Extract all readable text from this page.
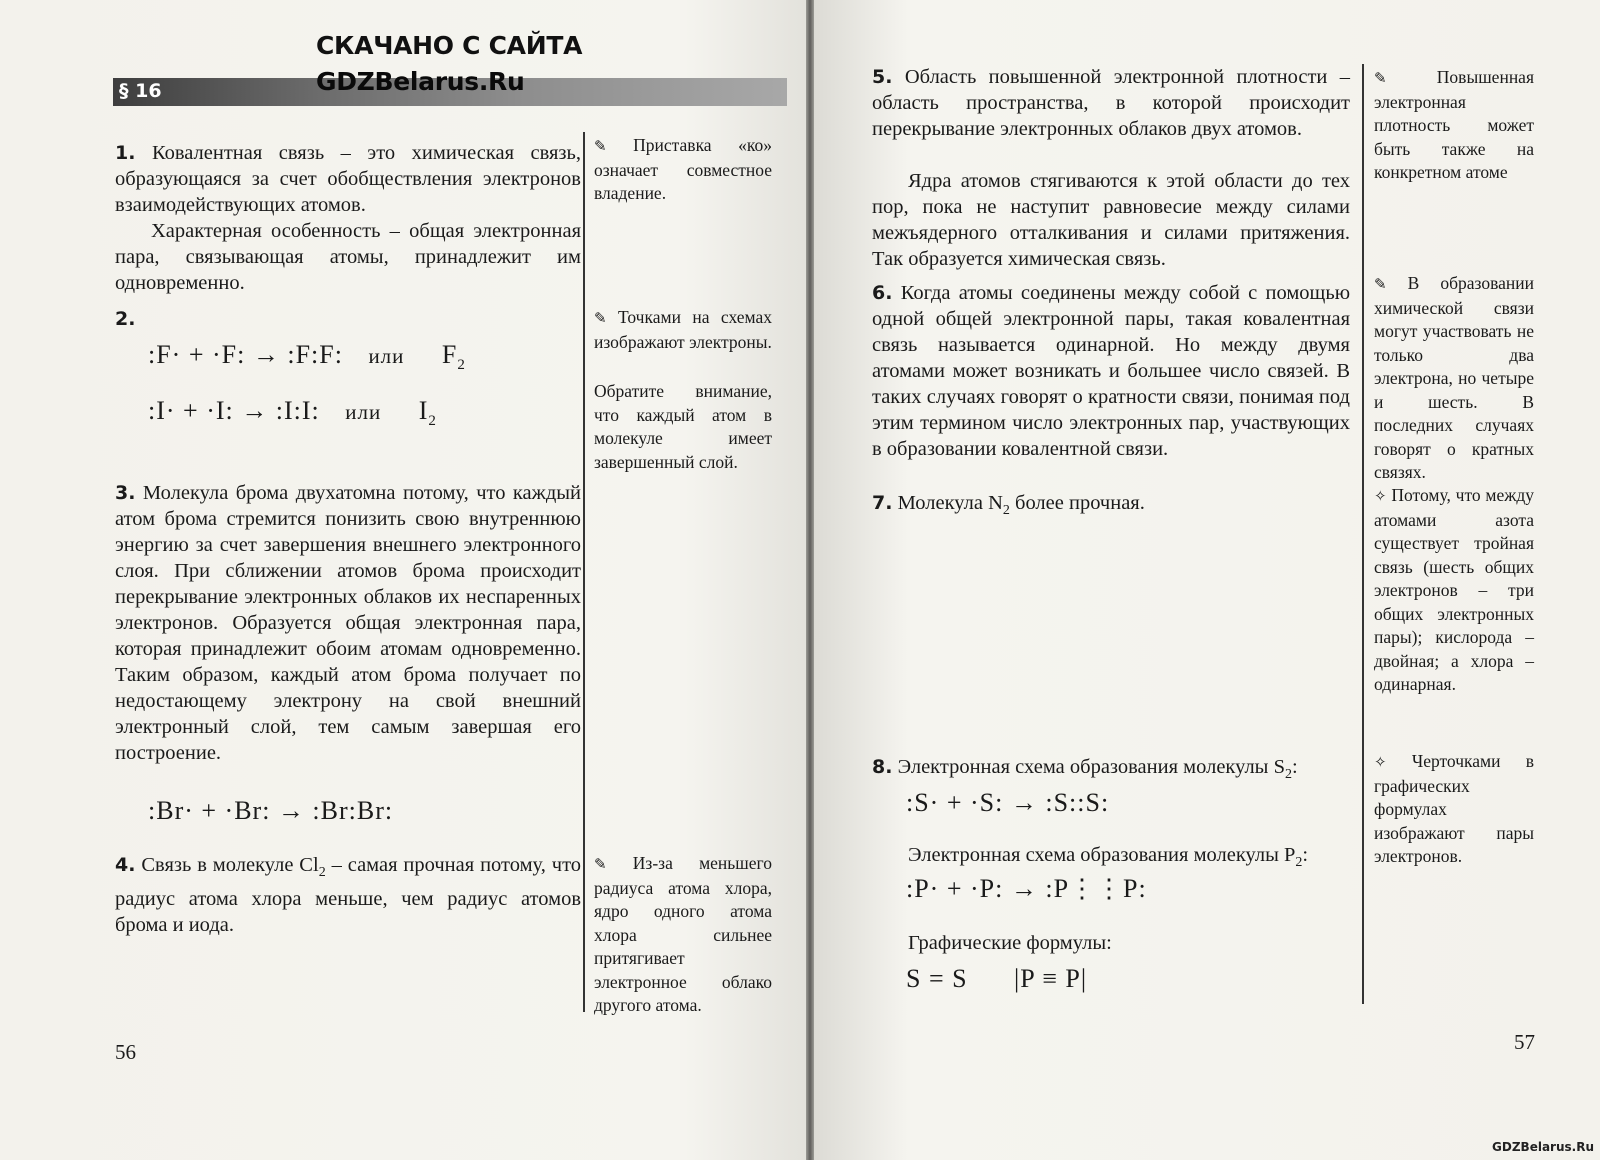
СКАЧАНО С САЙТА
§ 16	GDZBelarus.Ru
1. Ковалентная связь – это химическая связь, образующаяся за счет обобществления электронов взаимодействующих атомов.
Характерная особенность – общая электронная пара, связывающая атомы, принадлежит им одновременно.
2.
:F· + ·F: → :F:F: или $F_2$
:I· + ·I: → :I:I: или $I_2$
3. Молекула брома двухатомна потому, что каждый атом брома стремится понизить свою внутреннюю энергию за счет завершения внешнего электронного слоя. При сближении атомов брома происходит перекрывание электронных облаков их неспаренных электронов. Образуется общая электронная пара, которая принадлежит обоим атомам одновременно. Таким образом, каждый атом брома получает по недостающему электрону на свой внешний электронный слой, тем самым завершая его построение.
:Br· + ·Br: → :Br:Br:
4. Связь в молекуле $Cl_2$ – самая прочная потому, что радиус атома хлора меньше, чем радиус атомов брома и иода.
✎ Приставка «ко» означает совместное владение.
✎ Точками на схемах изображают электроны.
Обратите внимание, что каждый атом в молекуле имеет завершенный слой.
✎ Из-за меньшего радиуса атома хлора, ядро одного атома хлора сильнее притягивает электронное облако другого атома.
56
5. Область повышенной электронной плотности – область пространства, в которой происходит перекрывание электронных облаков двух атомов.
Ядра атомов стягиваются к этой области до тех пор, пока не наступит равновесие между силами межъядерного отталкивания и силами притяжения. Так образуется химическая связь.
6. Когда атомы соединены между собой с помощью одной общей электронной пары, такая ковалентная связь называется одинарной. Но между двумя атомами может возникать и большее число связей. В таких случаях говорят о кратности связи, понимая под этим термином число электронных пар, участвующих в образовании ковалентной связи.
7. Молекула $N_2$ более прочная.
8. Электронная схема образования молекулы $S_2$:
:S· + ·S: → :S::S:
Электронная схема образования молекулы $P_2$:
:P· + ·P: → :P⋮⋮P:
Графические формулы:
S = S |P ≡ P|
✎	Повышенная электронная плотность может быть также на конкретном атоме
✎ В образовании химической связи могут участвовать не только два электрона, но четыре и шесть. В последних случаях говорят о кратных связях.
✧ Потому, что между атомами азота существует тройная связь (шесть общих электронов – три общих электронных пары); кислорода – двойная; а хлора – одинарная.
✧ Черточками в графических формулах изображают пары электронов.
57
GDZBelarus.Ru
